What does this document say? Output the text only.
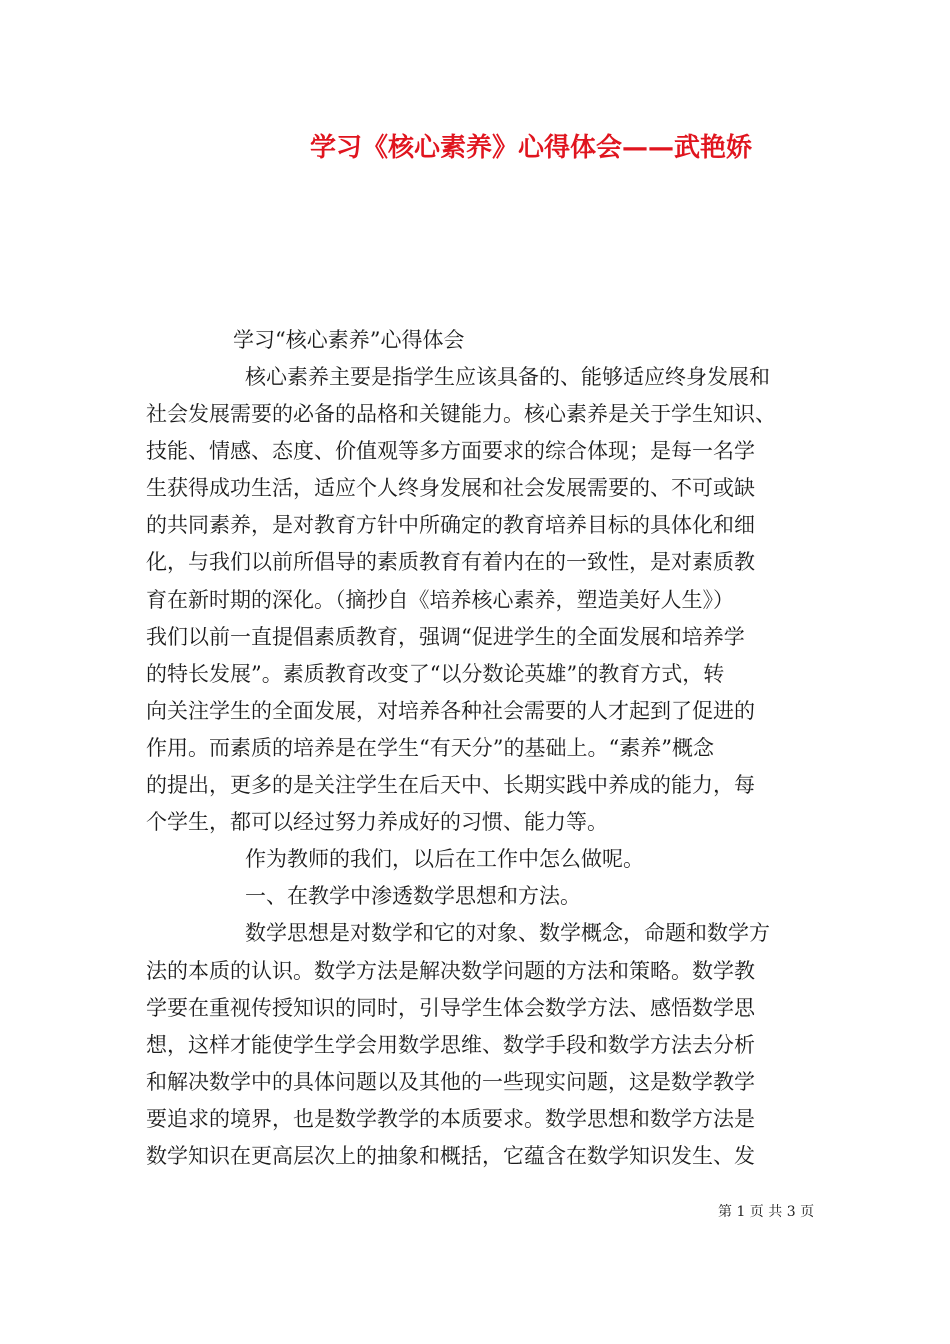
学习《核心素养》心得体会——武艳娇
学习“核心素养”心得体会
核心素养主要是指学生应该具备的、能够适应终身发展和
社会发展需要的必备的品格和关键能力。核心素养是关于学生知识、
技能、情感、态度、价值观等多方面要求的综合体现；是每一名学
生获得成功生活，适应个人终身发展和社会发展需要的、不可或缺
的共同素养，是对教育方针中所确定的教育培养目标的具体化和细
化，与我们以前所倡导的素质教育有着内在的一致性，是对素质教
育在新时期的深化。（摘抄自《培养核心素养，塑造美好人生》）
我们以前一直提倡素质教育，强调“促进学生的全面发展和培养学
的特长发展”。素质教育改变了“以分数论英雄”的教育方式，转
向关注学生的全面发展，对培养各种社会需要的人才起到了促进的
作用。而素质的培养是在学生“有天分”的基础上。“素养”概念
的提出，更多的是关注学生在后天中、长期实践中养成的能力，每
个学生，都可以经过努力养成好的习惯、能力等。
作为教师的我们，以后在工作中怎么做呢。
一、在教学中渗透数学思想和方法。
数学思想是对数学和它的对象、数学概念，命题和数学方
法的本质的认识。数学方法是解决数学问题的方法和策略。数学教
学要在重视传授知识的同时，引导学生体会数学方法、感悟数学思
想，这样才能使学生学会用数学思维、数学手段和数学方法去分析
和解决数学中的具体问题以及其他的一些现实问题，这是数学教学
要追求的境界，也是数学教学的本质要求。数学思想和数学方法是
数学知识在更高层次上的抽象和概括，它蕴含在数学知识发生、发
第 1 页 共 3 页
